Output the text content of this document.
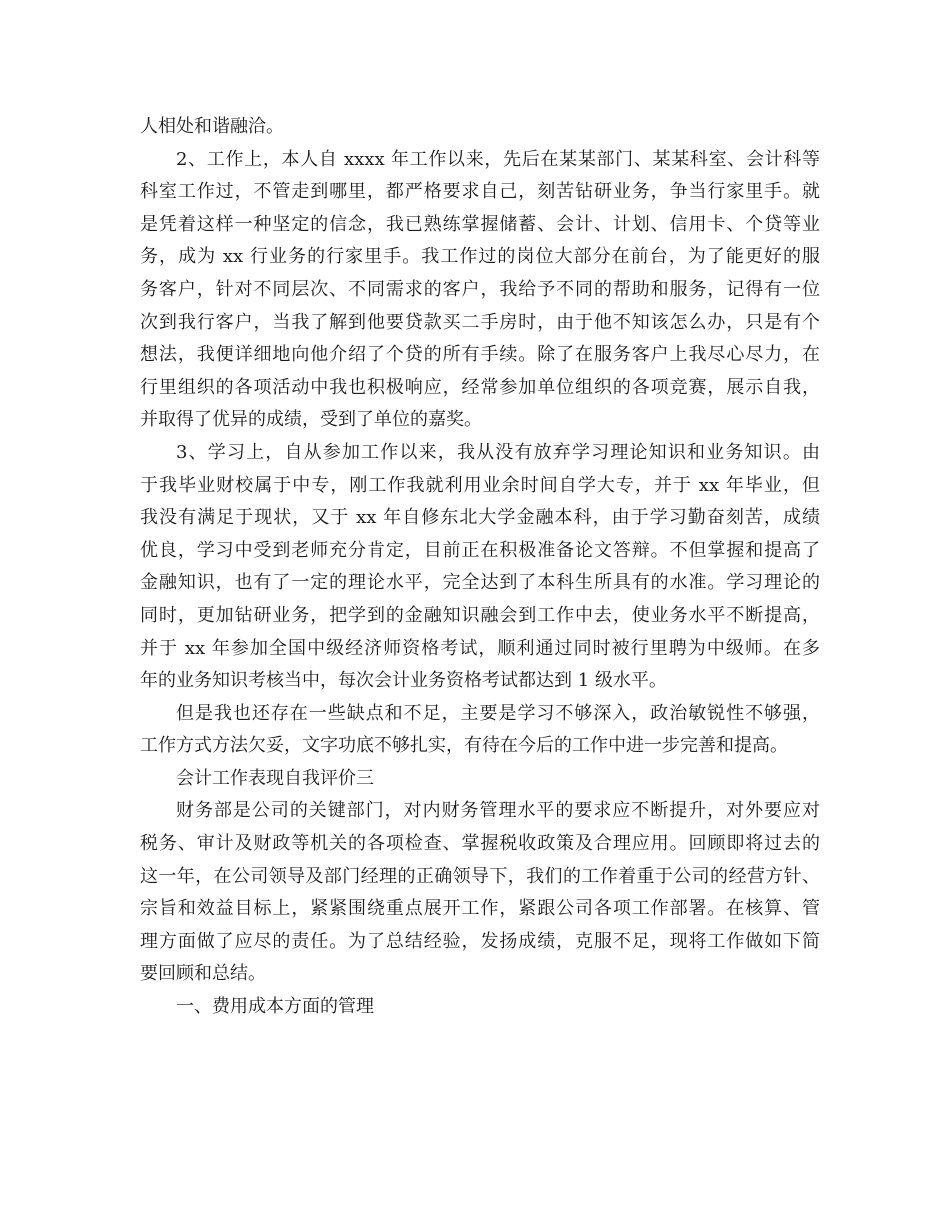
人相处和谐融洽。
2、工作上，本人自 xxxx 年工作以来，先后在某某部门、某某科室、会计科等
科室工作过，不管走到哪里，都严格要求自己，刻苦钻研业务，争当行家里手。就
是凭着这样一种坚定的信念，我已熟练掌握储蓄、会计、计划、信用卡、个贷等业
务，成为 xx 行业务的行家里手。我工作过的岗位大部分在前台，为了能更好的服
务客户，针对不同层次、不同需求的客户，我给予不同的帮助和服务，记得有一位
次到我行客户，当我了解到他要贷款买二手房时，由于他不知该怎么办，只是有个
想法，我便详细地向他介绍了个贷的所有手续。除了在服务客户上我尽心尽力，在
行里组织的各项活动中我也积极响应，经常参加单位组织的各项竞赛，展示自我，
并取得了优异的成绩，受到了单位的嘉奖。
3、学习上，自从参加工作以来，我从没有放弃学习理论知识和业务知识。由
于我毕业财校属于中专，刚工作我就利用业余时间自学大专，并于 xx 年毕业，但
我没有满足于现状，又于 xx 年自修东北大学金融本科，由于学习勤奋刻苦，成绩
优良，学习中受到老师充分肯定，目前正在积极准备论文答辩。不但掌握和提高了
金融知识，也有了一定的理论水平，完全达到了本科生所具有的水准。学习理论的
同时，更加钻研业务，把学到的金融知识融会到工作中去，使业务水平不断提高，
并于 xx 年参加全国中级经济师资格考试，顺利通过同时被行里聘为中级师。在多
年的业务知识考核当中，每次会计业务资格考试都达到 1 级水平。
但是我也还存在一些缺点和不足，主要是学习不够深入，政治敏锐性不够强，
工作方式方法欠妥，文字功底不够扎实，有待在今后的工作中进一步完善和提高。
会计工作表现自我评价三
财务部是公司的关键部门，对内财务管理水平的要求应不断提升，对外要应对
税务、审计及财政等机关的各项检查、掌握税收政策及合理应用。回顾即将过去的
这一年，在公司领导及部门经理的正确领导下，我们的工作着重于公司的经营方针、
宗旨和效益目标上，紧紧围绕重点展开工作，紧跟公司各项工作部署。在核算、管
理方面做了应尽的责任。为了总结经验，发扬成绩，克服不足，现将工作做如下简
要回顾和总结。
一、费用成本方面的管理
